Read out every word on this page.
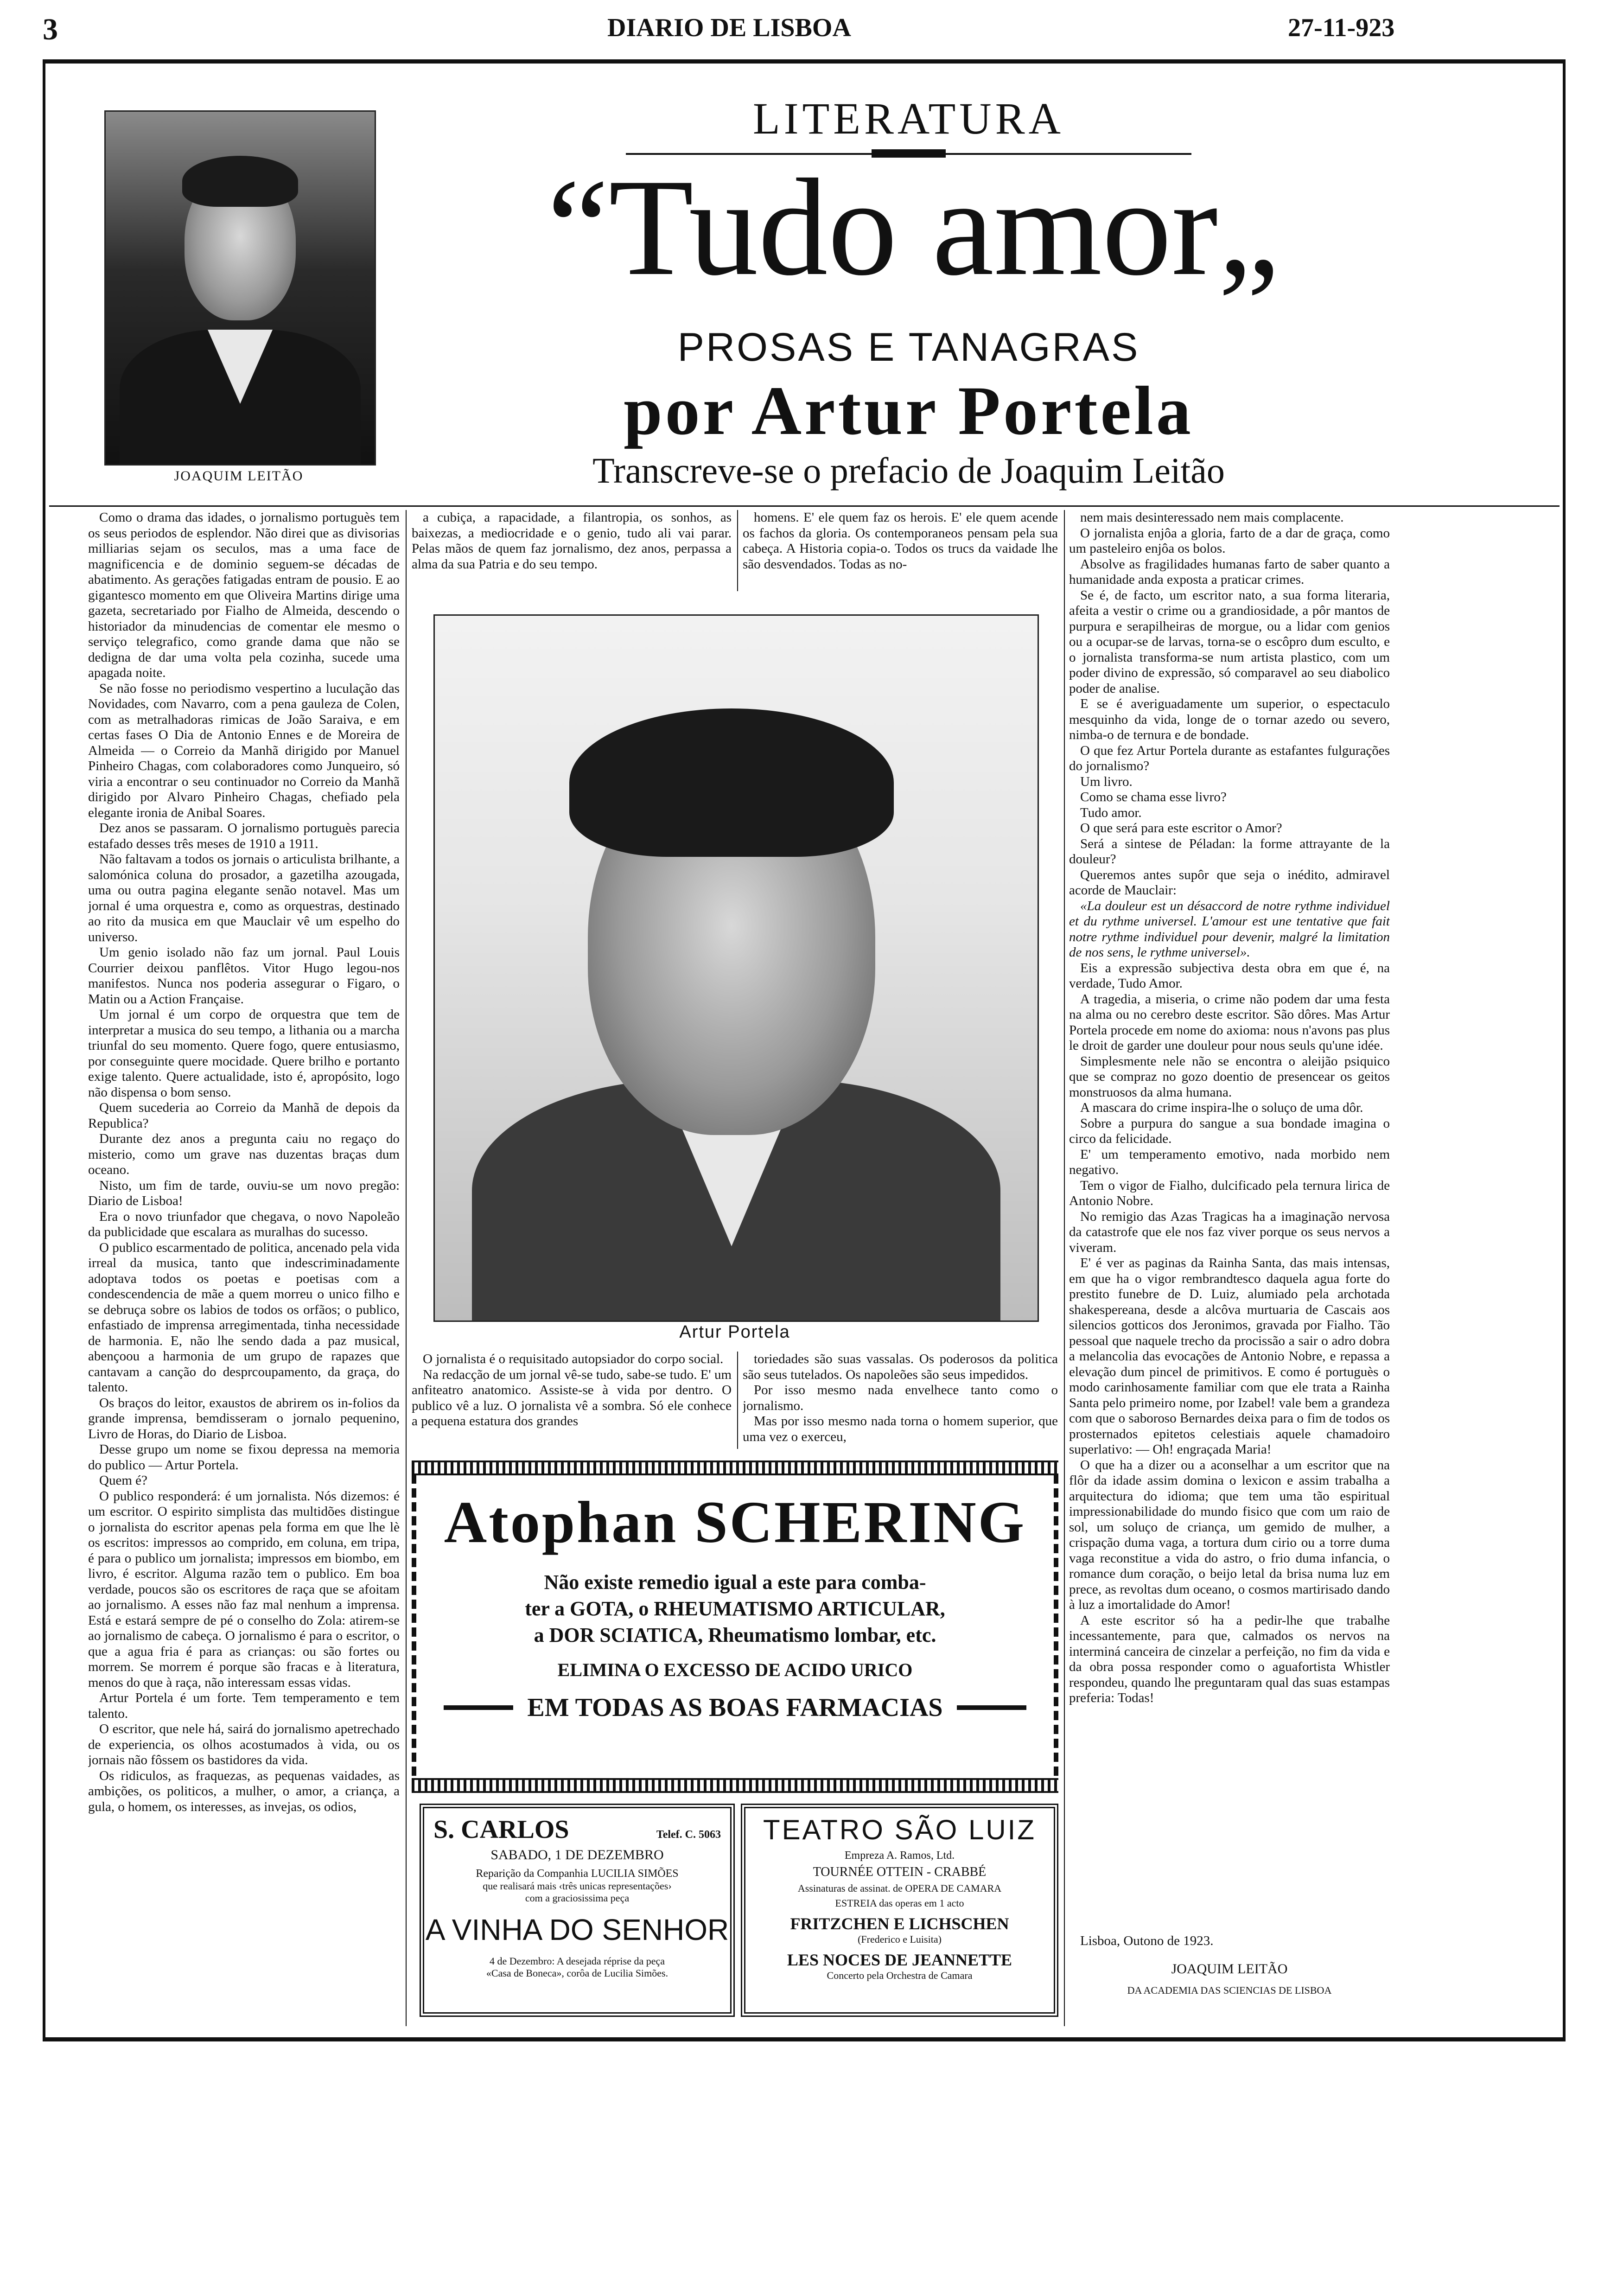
3	DIARIO DE LISBOA	27-11-923
JOAQUIM LEITÃO
LITERATURA
“Tudo amor„
PROSAS E TANAGRAS
por Artur Portela
Transcreve-se o prefacio de Joaquim Leitão

Como o drama das idades, o jornalismo portuguès tem os seus periodos de esplendor. Não direi que as divisorias milliarias sejam os seculos, mas a uma face de magnificencia e de dominio seguem-se décadas de abatimento. As gerações fatigadas entram de pousio. E ao gigantesco momento em que Oliveira Martins dirige uma gazeta, secretariado por Fialho de Almeida, descendo o historiador da minudencias de comentar ele mesmo o serviço telegrafico, como grande dama que não se dedigna de dar uma volta pela cozinha, sucede uma apagada noite.

Se não fosse no periodismo vespertino a luculação das Novidades, com Navarro, com a pena gauleza de Colen, com as metralhadoras rimicas de João Saraiva, e em certas fases O Dia de Antonio Ennes e de Moreira de Almeida — o Correio da Manhã dirigido por Manuel Pinheiro Chagas, com colaboradores como Junqueiro, só viria a encontrar o seu continuador no Correio da Manhã dirigido por Alvaro Pinheiro Chagas, chefiado pela elegante ironia de Anibal Soares.

Dez anos se passaram. O jornalismo portuguès parecia estafado desses três meses de 1910 a 1911.

Não faltavam a todos os jornais o articulista brilhante, a salomónica coluna do prosador, a gazetilha azougada, uma ou outra pagina elegante senão notavel. Mas um jornal é uma orquestra e, como as orquestras, destinado ao rito da musica em que Mauclair vê um espelho do universo.

Um genio isolado não faz um jornal. Paul Louis Courrier deixou panflêtos. Vitor Hugo legou-nos manifestos. Nunca nos poderia assegurar o Figaro, o Matin ou a Action Française.

Um jornal é um corpo de orquestra que tem de interpretar a musica do seu tempo, a lithania ou a marcha triunfal do seu momento. Quere fogo, quere entusiasmo, por conseguinte quere mocidade. Quere brilho e portanto exige talento. Quere actualidade, isto é, apropósito, logo não dispensa o bom senso.

Quem sucederia ao Correio da Manhã de depois da Republica?

Durante dez anos a pregunta caiu no regaço do misterio, como um grave nas duzentas braças dum oceano.

Nisto, um fim de tarde, ouviu-se um novo pregão: Diario de Lisboa!

Era o novo triunfador que chegava, o novo Napoleão da publicidade que escalara as muralhas do sucesso.

O publico escarmentado de politica, ancenado pela vida irreal da musica, tanto que indescriminadamente adoptava todos os poetas e poetisas com a condescendencia de mãe a quem morreu o unico filho e se debruça sobre os labios de todos os orfãos; o publico, enfastiado de imprensa arregimentada, tinha necessidade de harmonia. E, não lhe sendo dada a paz musical, abençoou a harmonia de um grupo de rapazes que cantavam a canção do desprcoupamento, da graça, do talento.

Os braços do leitor, exaustos de abrirem os in-folios da grande imprensa, bemdisseram o jornalo pequenino, Livro de Horas, do Diario de Lisboa.

Desse grupo um nome se fixou depressa na memoria do publico — Artur Portela.

Quem é?

O publico responderá: é um jornalista. Nós dizemos: é um escritor. O espirito simplista das multidões distingue o jornalista do escritor apenas pela forma em que lhe lè os escritos: impressos ao comprido, em coluna, em tripa, é para o publico um jornalista; impressos em biombo, em livro, é escritor. Alguma razão tem o publico. Em boa verdade, poucos são os escritores de raça que se afoitam ao jornalismo. A esses não faz mal nenhum a imprensa. Está e estará sempre de pé o conselho do Zola: atirem-se ao jornalismo de cabeça. O jornalismo é para o escritor, o que a agua fria é para as crianças: ou são fortes ou morrem. Se morrem é porque são fracas e à literatura, menos do que à raça, não interessam essas vidas.

Artur Portela é um forte. Tem temperamento e tem talento.

O escritor, que nele há, sairá do jornalismo apetrechado de experiencia, os olhos acostumados à vida, ou os jornais não fôssem os bastidores da vida.

Os ridiculos, as fraquezas, as pequenas vaidades, as ambições, os politicos, a mulher, o amor, a criança, a gula, o homem, os interesses, as invejas, os odios,

a cubiça, a rapacidade, a filantropia, os sonhos, as baixezas, a mediocridade e o genio, tudo ali vai parar. Pelas mãos de quem faz jornalismo, dez anos, perpassa a alma da sua Patria e do seu tempo.

homens. E' ele quem faz os herois. E' ele quem acende os fachos da gloria. Os contemporaneos pensam pela sua cabeça. A Historia copia-o. Todos os trucs da vaidade lhe são desvendados. Todas as no-

Artur Portela

O jornalista é o requisitado autopsiador do corpo social.

Na redacção de um jornal vê-se tudo, sabe-se tudo. E' um anfiteatro anatomico. Assiste-se à vida por dentro. O publico vê a luz. O jornalista vê a sombra. Só ele conhece a pequena estatura dos grandes

toriedades são suas vassalas. Os poderosos da politica são seus tutelados. Os napoleões são seus impedidos.

Por isso mesmo nada envelhece tanto como o jornalismo.

Mas por isso mesmo nada torna o homem superior, que uma vez o exerceu,

Atophan SCHERING
Não existe remedio igual a este para comba-
ter a GOTA, o RHEUMATISMO ARTICULAR,
a DOR SCIATICA, Rheumatismo lombar, etc.
ELIMINA O EXCESSO DE ACIDO URICO
EM TODAS AS BOAS FARMACIAS
S. CARLOS	Telef. C. 5063
SABADO, 1 DE DEZEMBRO
Reparição da Companhia LUCILIA SIMÕES
que realisará mais ‹três unicas representações›
com a graciosissima peça
A VINHA DO SENHOR
4 de Dezembro: A desejada réprise da peça
«Casa de Boneca», corôa de Lucilia Simões.
TEATRO SÃO LUIZ
Empreza A. Ramos, Ltd.
TOURNÉE OTTEIN - CRABBÉ
Assinaturas de assinat. de OPERA DE CAMARA
ESTREIA das operas em 1 acto
FRITZCHEN E LICHSCHEN
(Frederico e Luisita)
LES NOCES DE JEANNETTE
Concerto pela Orchestra de Camara

nem mais desinteressado nem mais complacente.

O jornalista enjôa a gloria, farto de a dar de graça, como um pasteleiro enjôa os bolos.

Absolve as fragilidades humanas farto de saber quanto a humanidade anda exposta a praticar crimes.

Se é, de facto, um escritor nato, a sua forma literaria, afeita a vestir o crime ou a grandiosidade, a pôr mantos de purpura e serapilheiras de morgue, ou a lidar com genios ou a ocupar-se de larvas, torna-se o escôpro dum esculto, e o jornalista transforma-se num artista plastico, com um poder divino de expressão, só comparavel ao seu diabolico poder de analise.

E se é averiguadamente um superior, o espectaculo mesquinho da vida, longe de o tornar azedo ou severo, nimba-o de ternura e de bondade.

O que fez Artur Portela durante as estafantes fulgurações do jornalismo?

Um livro.

Como se chama esse livro?

Tudo amor.

O que será para este escritor o Amor?

Será a sintese de Péladan: la forme attrayante de la douleur?

Queremos antes supôr que seja o inédito, admiravel acorde de Mauclair:

«La douleur est un désaccord de notre rythme individuel et du rythme universel. L'amour est une tentative que fait notre rythme individuel pour devenir, malgré la limitation de nos sens, le rythme universel».

Eis a expressão subjectiva desta obra em que é, na verdade, Tudo Amor.

A tragedia, a miseria, o crime não podem dar uma festa na alma ou no cerebro deste escritor. São dôres. Mas Artur Portela procede em nome do axioma: nous n'avons pas plus le droit de garder une douleur pour nous seuls qu'une idée.

Simplesmente nele não se encontra o aleijão psiquico que se compraz no gozo doentio de presencear os geitos monstruosos da alma humana.

A mascara do crime inspira-lhe o soluço de uma dôr.

Sobre a purpura do sangue a sua bondade imagina o circo da felicidade.

E' um temperamento emotivo, nada morbido nem negativo.

Tem o vigor de Fialho, dulcificado pela ternura lirica de Antonio Nobre.

No remigio das Azas Tragicas ha a imaginação nervosa da catastrofe que ele nos faz viver porque os seus nervos a viveram.

E' é ver as paginas da Rainha Santa, das mais intensas, em que ha o vigor rembrandtesco daquela agua forte do prestito funebre de D. Luiz, alumiado pela archotada shakespereana, desde a alcôva murtuaria de Cascais aos silencios gotticos dos Jeronimos, gravada por Fialho. Tão pessoal que naquele trecho da procissão a sair o adro dobra a melancolia das evocações de Antonio Nobre, e repassa a elevação dum pincel de primitivos. E como é portuguès o modo carinhosamente familiar com que ele trata a Rainha Santa pelo primeiro nome, por Izabel! vale bem a grandeza com que o saboroso Bernardes deixa para o fim de todos os prosternados epitetos celestiais aquele chamadoiro superlativo: — Oh! engraçada Maria!

O que ha a dizer ou a aconselhar a um escritor que na flôr da idade assim domina o lexicon e assim trabalha a arquitectura do idioma; que tem uma tão espiritual impressionabilidade do mundo fisico que com um raio de sol, um soluço de criança, um gemido de mulher, a crispação duma vaga, a tortura dum cirio ou a torre duma vaga reconstitue a vida do astro, o frio duma infancia, o romance dum coração, o beijo letal da brisa numa luz em prece, as revoltas dum oceano, o cosmos martirisado dando à luz a imortalidade do Amor!

A este escritor só ha a pedir-lhe que trabalhe incessantemente, para que, calmados os nervos na interminá canceira de cinzelar a perfeição, no fim da vida e da obra possa responder como o aguafortista Whistler respondeu, quando lhe preguntaram qual das suas estampas preferia: Todas!

Lisboa, Outono de 1923.
JOAQUIM LEITÃO
DA ACADEMIA DAS SCIENCIAS DE LISBOA
